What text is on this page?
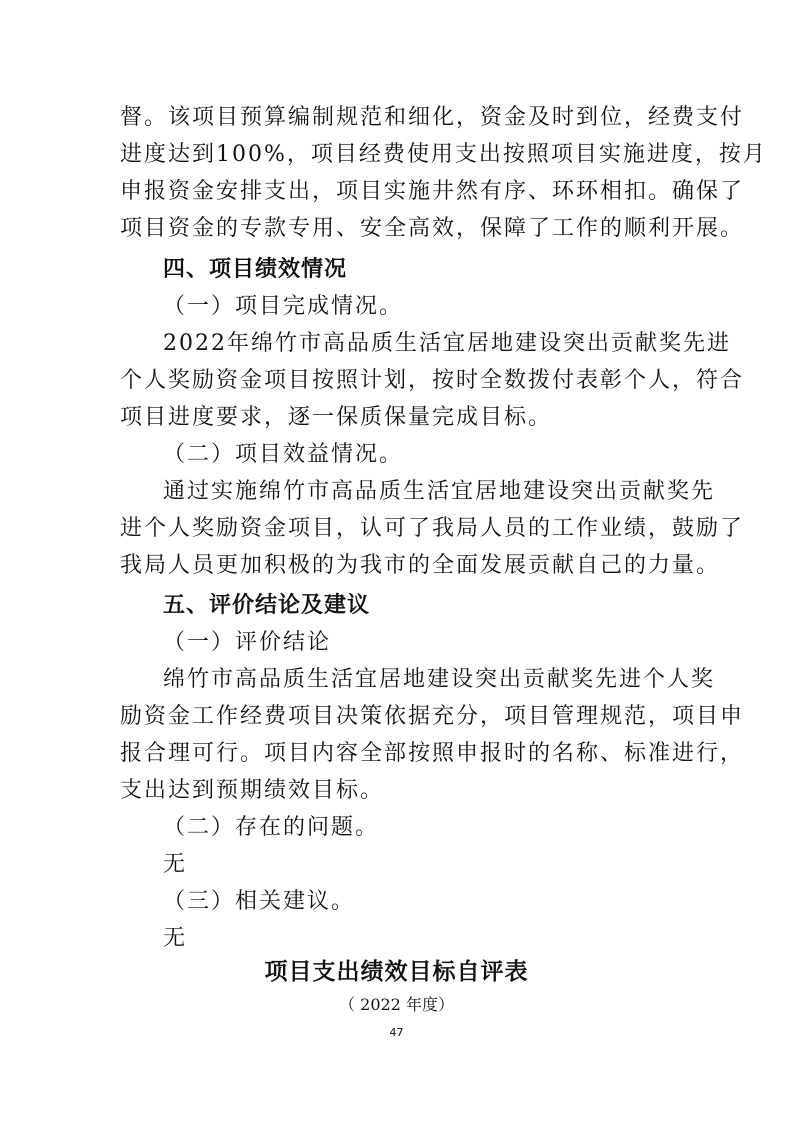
督。该项目预算编制规范和细化，资金及时到位，经费支付
进度达到100%，项目经费使用支出按照项目实施进度，按月
申报资金安排支出，项目实施井然有序、环环相扣。确保了
项目资金的专款专用、安全高效，保障了工作的顺利开展。
四、项目绩效情况
（一）项目完成情况。
2022年绵竹市高品质生活宜居地建设突出贡献奖先进
个人奖励资金项目按照计划，按时全数拨付表彰个人，符合
项目进度要求，逐一保质保量完成目标。
（二）项目效益情况。
通过实施绵竹市高品质生活宜居地建设突出贡献奖先
进个人奖励资金项目，认可了我局人员的工作业绩，鼓励了
我局人员更加积极的为我市的全面发展贡献自己的力量。
五、评价结论及建议
（一）评价结论
绵竹市高品质生活宜居地建设突出贡献奖先进个人奖
励资金工作经费项目决策依据充分，项目管理规范，项目申
报合理可行。项目内容全部按照申报时的名称、标准进行，
支出达到预期绩效目标。
（二）存在的问题。
无
（三）相关建议。
无
项目支出绩效目标自评表
（ 2022 年度）
47
